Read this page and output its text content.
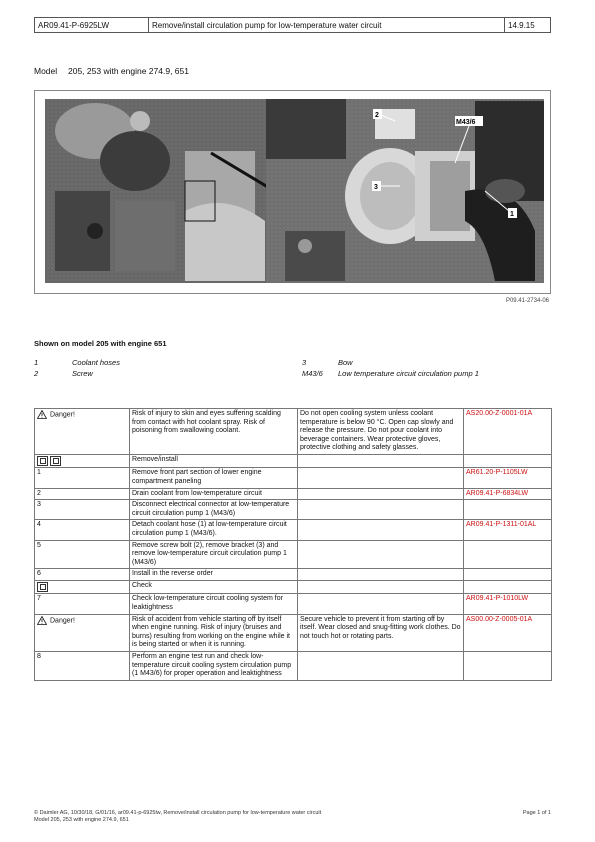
AR09.41-P-6925LW	Remove/install circulation pump for low-temperature water circuit	14.9.15
Model 205, 253 with engine 274.9, 651
2
M43/6
3
1
P09.41-2734-06
Shown on model 205 with engine 651
1	Coolant hoses	3	Bow
2	Screw	M43/6 Low temperature circuit circulation pump 1
Danger!	Risk of injury to skin and eyes suffering scalding from contact with hot coolant spray. Risk of poisoning from swallowing coolant.	Do not open cooling system unless coolant temperature is below 90 °C. Open cap slowly and release the pressure. Do not pour coolant into beverage containers. Wear protective gloves, protective clothing and safety glasses.	AS20.00-Z-0001-01A
	Remove/install		
1	Remove front part section of lower engine compartment paneling		AR61.20-P-1105LW
2	Drain coolant from low-temperature circuit		AR09.41-P-6834LW
3	Disconnect electrical connector at low-temperature circuit circulation pump 1 (M43/6)		
4	Detach coolant hose (1) at low-temperature circuit circulation pump 1 (M43/6).		AR09.41-P-1311-01AL
5	Remove screw bolt (2), remove bracket (3) and remove low-temperature circuit circulation pump 1 (M43/6)		
6	Install in the reverse order		
	Check		
7	Check low-temperature circuit cooling system for leaktightness		AR09.41-P-1010LW
Danger!	Risk of accident from vehicle starting off by itself when engine running. Risk of injury (bruises and burns) resulting from working on the engine while it is being started or when it is running.	Secure vehicle to prevent it from starting off by itself. Wear closed and snug-fitting work clothes. Do not touch hot or rotating parts.	AS00.00-Z-0005-01A
8	Perform an engine test run and check low-temperature circuit cooling system circulation pump (1 M43/6) for proper operation and leaktightness		
© Daimler AG, 10/30/18, G/01/16, ar09.41-p-6925lw, Remove/install circulation pump for low-temperature water circuit
Model 205, 253 with engine 274.9, 651
Page 1 of 1
